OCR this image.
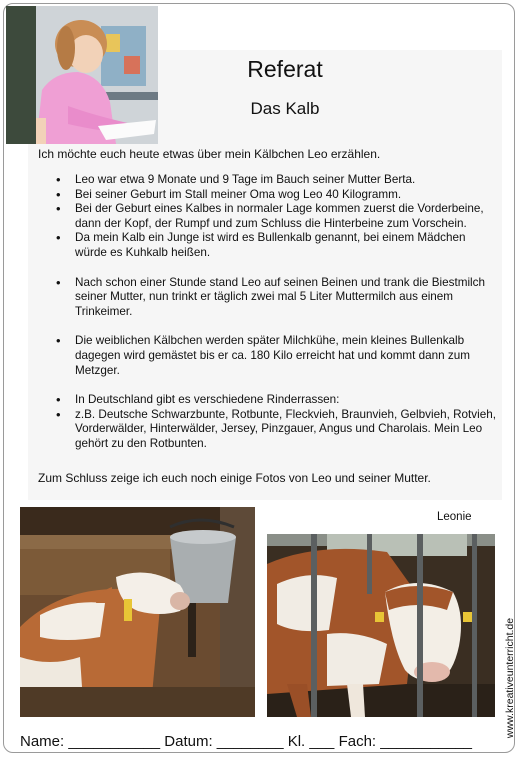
Referat
Das Kalb
Ich möchte euch heute etwas über mein Kälbchen Leo erzählen.
• Leo war etwa 9 Monate und 9 Tage im Bauch seiner Mutter Berta.
• Bei seiner Geburt im Stall meiner Oma wog Leo 40 Kilogramm.
• Bei der Geburt eines Kalbes in normaler Lage kommen zuerst die Vorderbeine, dann der Kopf, der Rumpf und zum Schluss die Hinterbeine zum Vorschein.
• Da mein Kalb ein Junge ist wird es Bullenkalb genannt, bei einem Mädchen würde es Kuhkalb heißen.
• Nach schon einer Stunde stand Leo auf seinen Beinen und trank die Biestmilch seiner Mutter, nun trinkt er täglich zwei mal 5 Liter Muttermilch aus einem Trinkeimer.
• Die weiblichen Kälbchen werden später Milchkühe, mein kleines Bullenkalb dagegen wird gemästet bis er ca. 180 Kilo erreicht hat und kommt dann zum Metzger.
• In Deutschland gibt es verschiedene Rinderrassen:
• z.B. Deutsche Schwarzbunte, Rotbunte, Fleckvieh, Braunvieh, Gelbvieh, Rotvieh, Vorderwälder, Hinterwälder, Jersey, Pinzgauer, Angus und Charolais. Mein Leo gehört zu den Rotbunten.
Zum Schluss zeige ich euch noch einige Fotos von Leo und seiner Mutter.
Leonie
Name: ___________ Datum: ________ Kl. ___ Fach: ___________
www.kreativeunterricht.de
